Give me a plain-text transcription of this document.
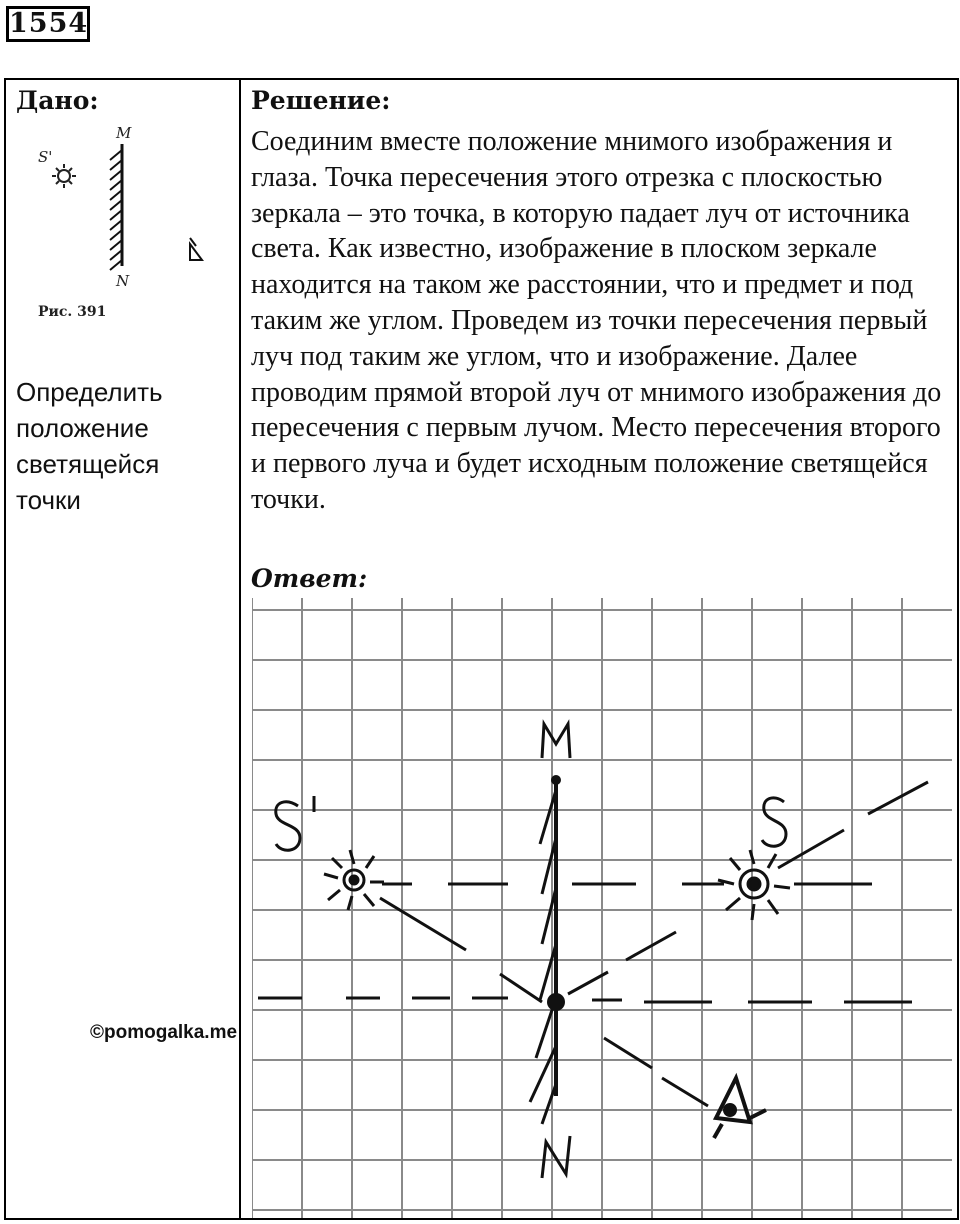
1554
Дано:
S'
M
N
Рис. 391

Определить положение светящейся точки

©pomogalka.me
Решение:

Соединим вместе положение мнимого изображения и глаза. Точка пересечения этого отрезка с плоскостью зеркала – это точка, в которую падает луч от источника света. Как известно, изображение в плоском зеркале находится на таком же расстоянии, что и предмет и под таким же углом. Проведем из точки пересечения первый луч под таким же углом, что и изображение. Далее проводим прямой второй луч от мнимого изображения до пересечения с первым лучом. Место пересечения второго и первого луча и будет исходным положение светящейся точки.

Ответ:
